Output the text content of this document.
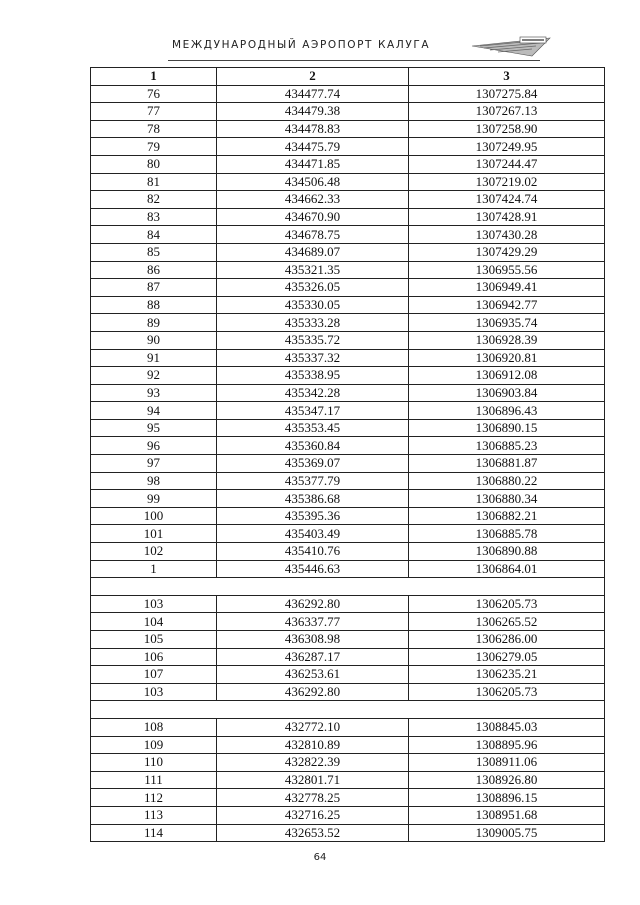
МЕЖДУНАРОДНЫЙ АЭРОПОРТ КАЛУГА
1	2	3
76	434477.74	1307275.84
77	434479.38	1307267.13
78	434478.83	1307258.90
79	434475.79	1307249.95
80	434471.85	1307244.47
81	434506.48	1307219.02
82	434662.33	1307424.74
83	434670.90	1307428.91
84	434678.75	1307430.28
85	434689.07	1307429.29
86	435321.35	1306955.56
87	435326.05	1306949.41
88	435330.05	1306942.77
89	435333.28	1306935.74
90	435335.72	1306928.39
91	435337.32	1306920.81
92	435338.95	1306912.08
93	435342.28	1306903.84
94	435347.17	1306896.43
95	435353.45	1306890.15
96	435360.84	1306885.23
97	435369.07	1306881.87
98	435377.79	1306880.22
99	435386.68	1306880.34
100	435395.36	1306882.21
101	435403.49	1306885.78
102	435410.76	1306890.88
1	435446.63	1306864.01

103	436292.80	1306205.73
104	436337.77	1306265.52
105	436308.98	1306286.00
106	436287.17	1306279.05
107	436253.61	1306235.21
103	436292.80	1306205.73

108	432772.10	1308845.03
109	432810.89	1308895.96
110	432822.39	1308911.06
111	432801.71	1308926.80
112	432778.25	1308896.15
113	432716.25	1308951.68
114	432653.52	1309005.75
64
